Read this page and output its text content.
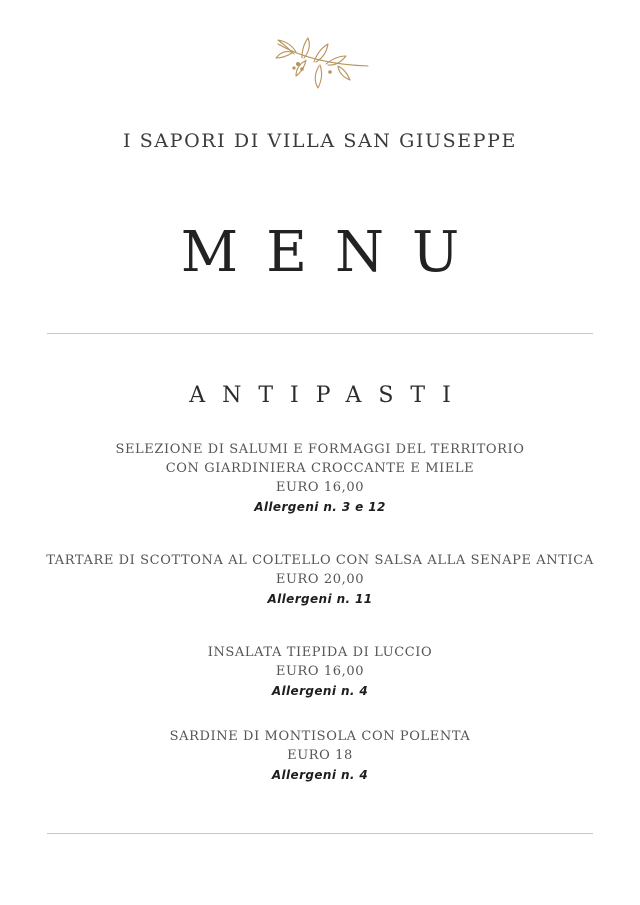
I SAPORI DI VILLA SAN GIUSEPPE
MENU
ANTIPASTI
SELEZIONE DI SALUMI E FORMAGGI DEL TERRITORIO
CON GIARDINIERA CROCCANTE E MIELE
EURO 16,00
Allergeni n. 3 e 12
TARTARE DI SCOTTONA AL COLTELLO CON SALSA ALLA SENAPE ANTICA
EURO 20,00
Allergeni n. 11
INSALATA TIEPIDA DI LUCCIO
EURO 16,00
Allergeni n. 4
SARDINE DI MONTISOLA CON POLENTA
EURO 18
Allergeni n. 4
